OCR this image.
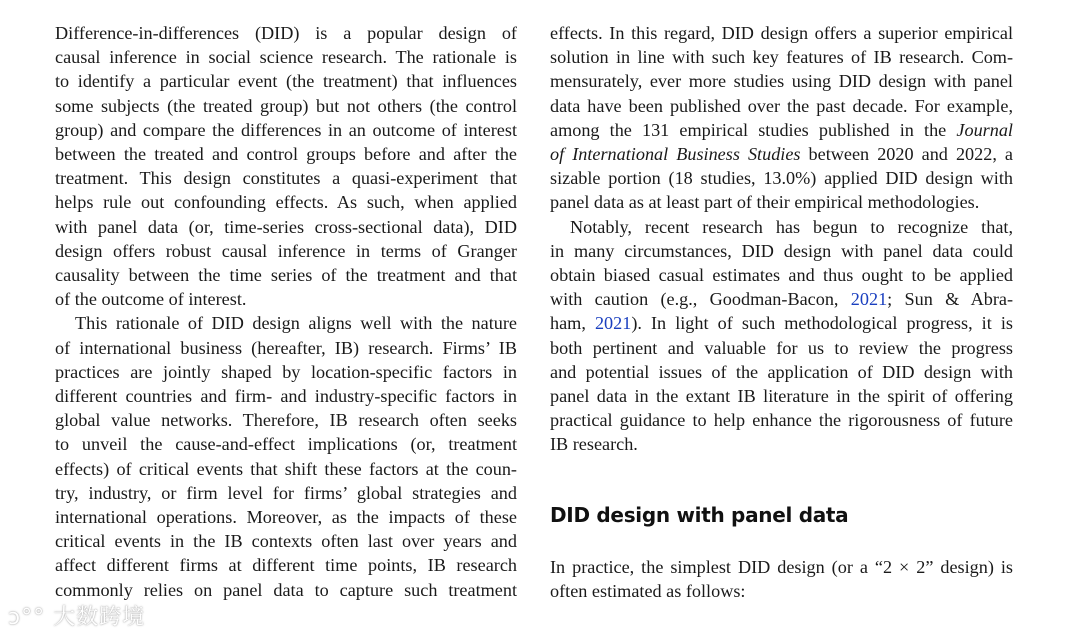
Difference-in-differences (DID) is a popular design of
causal inference in social science research. The rationale is
to identify a particular event (the treatment) that influences
some subjects (the treated group) but not others (the control
group) and compare the differences in an outcome of interest
between the treated and control groups before and after the
treatment. This design constitutes a quasi-experiment that
helps rule out confounding effects. As such, when applied
with panel data (or, time-series cross-sectional data), DID
design offers robust causal inference in terms of Granger
causality between the time series of the treatment and that
of the outcome of interest.
This rationale of DID design aligns well with the nature
of international business (hereafter, IB) research. Firms’ IB
practices are jointly shaped by location-specific factors in
different countries and firm- and industry-specific factors in
global value networks. Therefore, IB research often seeks
to unveil the cause-and-effect implications (or, treatment
effects) of critical events that shift these factors at the coun-
try, industry, or firm level for firms’ global strategies and
international operations. Moreover, as the impacts of these
critical events in the IB contexts often last over years and
affect different firms at different time points, IB research
commonly relies on panel data to capture such treatment
effects. In this regard, DID design offers a superior empirical
solution in line with such key features of IB research. Com-
mensurately, ever more studies using DID design with panel
data have been published over the past decade. For example,
among the 131 empirical studies published in the Journal
of International Business Studies between 2020 and 2022, a
sizable portion (18 studies, 13.0%) applied DID design with
panel data as at least part of their empirical methodologies.
Notably, recent research has begun to recognize that,
in many circumstances, DID design with panel data could
obtain biased casual estimates and thus ought to be applied
with caution (e.g., Goodman-Bacon, 2021; Sun & Abra-
ham, 2021). In light of such methodological progress, it is
both pertinent and valuable for us to review the progress
and potential issues of the application of DID design with
panel data in the extant IB literature in the spirit of offering
practical guidance to help enhance the rigorousness of future
IB research.
In practice, the simplest DID design (or a “2 × 2” design) is
often estimated as follows:
DID design with panel data
ↄ°° 大数跨境
